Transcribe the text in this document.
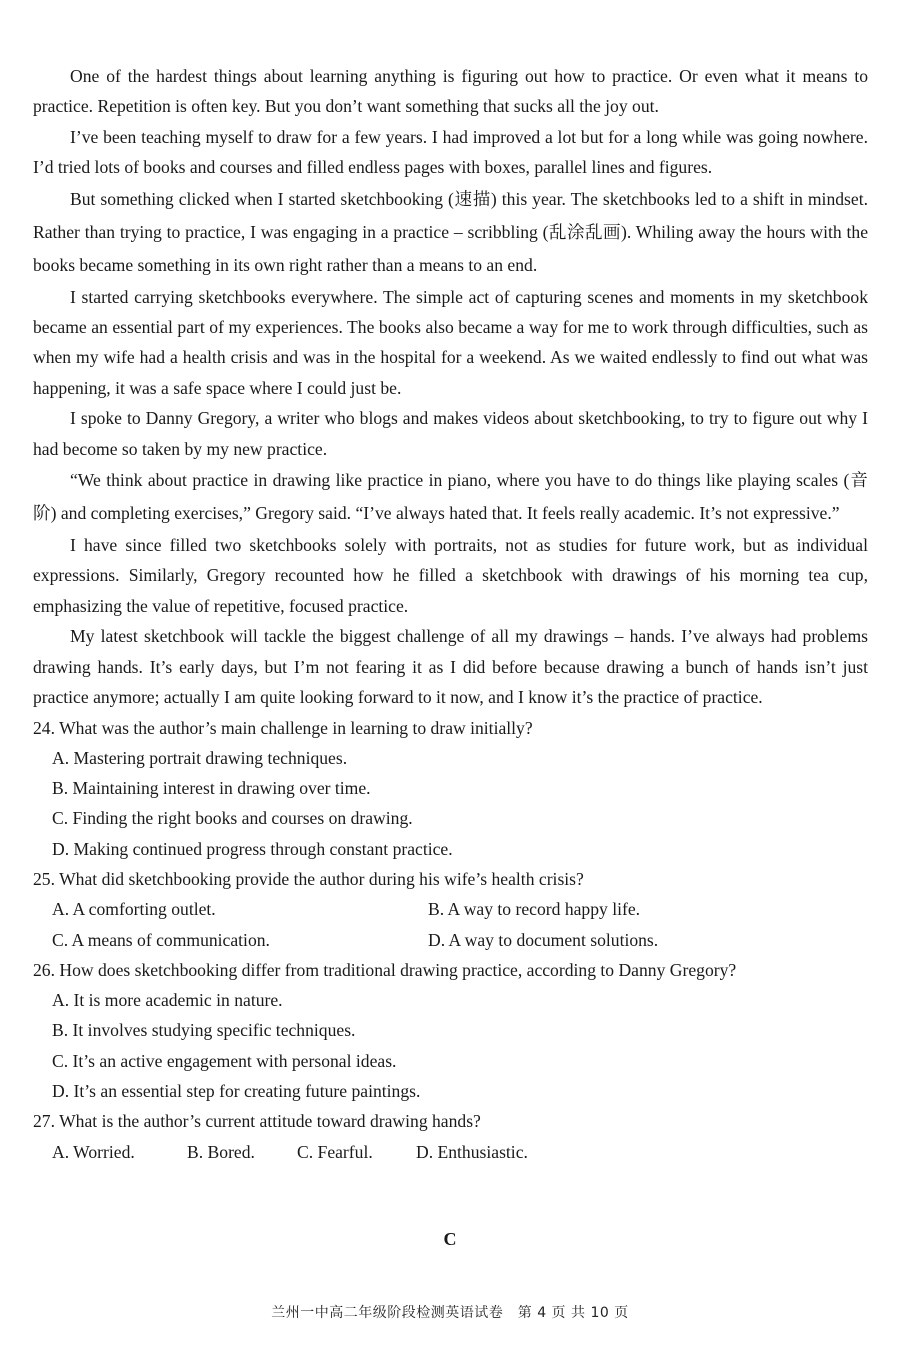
One of the hardest things about learning anything is figuring out how to practice. Or even what it means to practice. Repetition is often key. But you don’t want something that sucks all the joy out.

I’ve been teaching myself to draw for a few years. I had improved a lot but for a long while was going nowhere. I’d tried lots of books and courses and filled endless pages with boxes, parallel lines and figures.

But something clicked when I started sketchbooking (速描) this year. The sketchbooks led to a shift in mindset. Rather than trying to practice, I was engaging in a practice – scribbling (乱涂乱画). Whiling away the hours with the books became something in its own right rather than a means to an end.

I started carrying sketchbooks everywhere. The simple act of capturing scenes and moments in my sketchbook became an essential part of my experiences. The books also became a way for me to work through difficulties, such as when my wife had a health crisis and was in the hospital for a weekend. As we waited endlessly to find out what was happening, it was a safe space where I could just be.

I spoke to Danny Gregory, a writer who blogs and makes videos about sketchbooking, to try to figure out why I had become so taken by my new practice.

“We think about practice in drawing like practice in piano, where you have to do things like playing scales (音阶) and completing exercises,” Gregory said. “I’ve always hated that. It feels really academic. It’s not expressive.”

I have since filled two sketchbooks solely with portraits, not as studies for future work, but as individual expressions. Similarly, Gregory recounted how he filled a sketchbook with drawings of his morning tea cup, emphasizing the value of repetitive, focused practice.

My latest sketchbook will tackle the biggest challenge of all my drawings – hands. I’ve always had problems drawing hands. It’s early days, but I’m not fearing it as I did before because drawing a bunch of hands isn’t just practice anymore; actually I am quite looking forward to it now, and I know it’s the practice of practice.

24. What was the author’s main challenge in learning to draw initially?

A. Mastering portrait drawing techniques.

B. Maintaining interest in drawing over time.

C. Finding the right books and courses on drawing.

D. Making continued progress through constant practice.

25. What did sketchbooking provide the author during his wife’s health crisis?

A. A comforting outlet.	B. A way to record happy life.
C. A means of communication.	D. A way to document solutions.

26. How does sketchbooking differ from traditional drawing practice, according to Danny Gregory?

A. It is more academic in nature.

B. It involves studying specific techniques.

C. It’s an active engagement with personal ideas.

D. It’s an essential step for creating future paintings.

27. What is the author’s current attitude toward drawing hands?

A. Worried.	B. Bored.	C. Fearful.	D. Enthusiastic.
C
兰州一中高二年级阶段检测英语试卷　第 4 页 共 10 页
